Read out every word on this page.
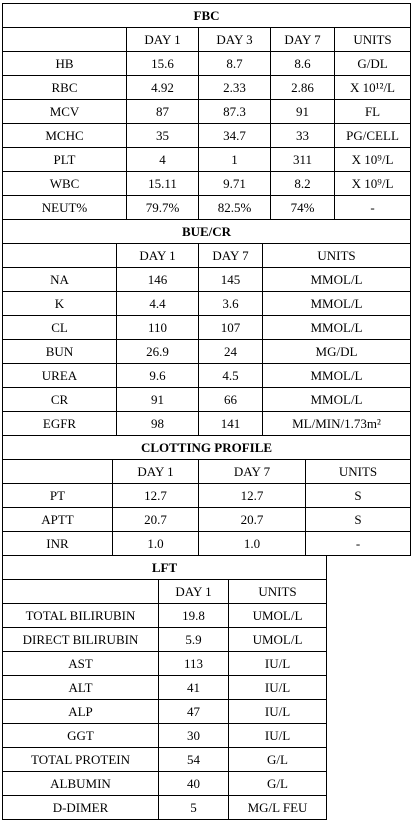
FBC				
	DAY 1	DAY 3	DAY 7	UNITS
HB	15.6	8.7	8.6	G/DL
RBC	4.92	2.33	2.86	X 10¹²/L
MCV	87	87.3	91	FL
MCHC	35	34.7	33	PG/CELL
PLT	4	1	311	X 10⁹/L
WBC	15.11	9.71	8.2	X 10⁹/L
NEUT%	79.7%	82.5%	74%	-
BUE/CR			
	DAY 1	DAY 7	UNITS
NA	146	145	MMOL/L
K	4.4	3.6	MMOL/L
CL	110	107	MMOL/L
BUN	26.9	24	MG/DL
UREA	9.6	4.5	MMOL/L
CR	91	66	MMOL/L
EGFR	98	141	ML/MIN/1.73m²
CLOTTING PROFILE			
	DAY 1	DAY 7	UNITS
PT	12.7	12.7	S
APTT	20.7	20.7	S
INR	1.0	1.0	-
LFT		
	DAY 1	UNITS
TOTAL BILIRUBIN	19.8	UMOL/L
DIRECT BILIRUBIN	5.9	UMOL/L
AST	113	IU/L
ALT	41	IU/L
ALP	47	IU/L
GGT	30	IU/L
TOTAL PROTEIN	54	G/L
ALBUMIN	40	G/L
D-DIMER	5	MG/L FEU
